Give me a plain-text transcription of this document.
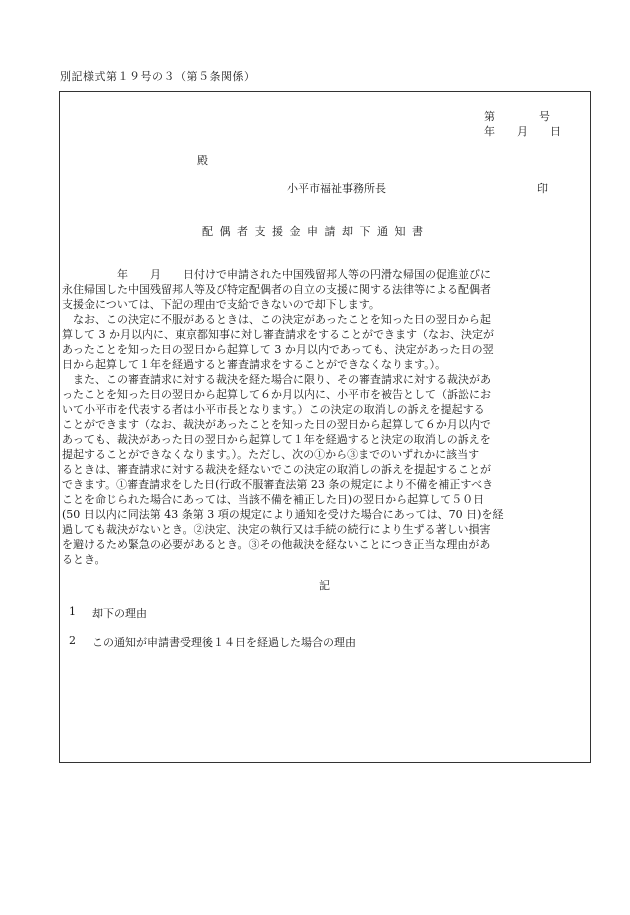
別記様式第１９号の３（第５条関係）
第　　　　号
年　　月　　日
殿
小平市福祉事務所長	印
配偶者支援金申請却下通知書
　　　　　年　　月　　日付けで申請された中国残留邦人等の円滑な帰国の促進並びに
永住帰国した中国残留邦人等及び特定配偶者の自立の支援に関する法律等による配偶者
支援金については、下記の理由で支給できないので却下します。
　なお、この決定に不服があるときは、この決定があったことを知った日の翌日から起
算して 3 か月以内に、東京都知事に対し審査請求をすることができます（なお、決定が
あったことを知った日の翌日から起算して 3 か月以内であっても、決定があった日の翌
日から起算して１年を経過すると審査請求をすることができなくなります。）。
　また、この審査請求に対する裁決を経た場合に限り、その審査請求に対する裁決があ
ったことを知った日の翌日から起算して６か月以内に、小平市を被告として（訴訟にお
いて小平市を代表する者は小平市長となります。）この決定の取消しの訴えを提起する
ことができます（なお、裁決があったことを知った日の翌日から起算して６か月以内で
あっても、裁決があった日の翌日から起算して１年を経過すると決定の取消しの訴えを
提起することができなくなります。）。ただし、次の①から③までのいずれかに該当す
るときは、審査請求に対する裁決を経ないでこの決定の取消しの訴えを提起することが
できます。①審査請求をした日(行政不服審査法第 23 条の規定により不備を補正すべき
ことを命じられた場合にあっては、当該不備を補正した日)の翌日から起算して５０日
(50 日以内に同法第 43 条第 3 項の規定により通知を受けた場合にあっては、70 日)を経
過しても裁決がないとき。②決定、決定の執行又は手続の続行により生ずる著しい損害
を避けるため緊急の必要があるとき。③その他裁決を経ないことにつき正当な理由があ
るとき。
記
1 却下の理由
2 この通知が申請書受理後１４日を経過した場合の理由
